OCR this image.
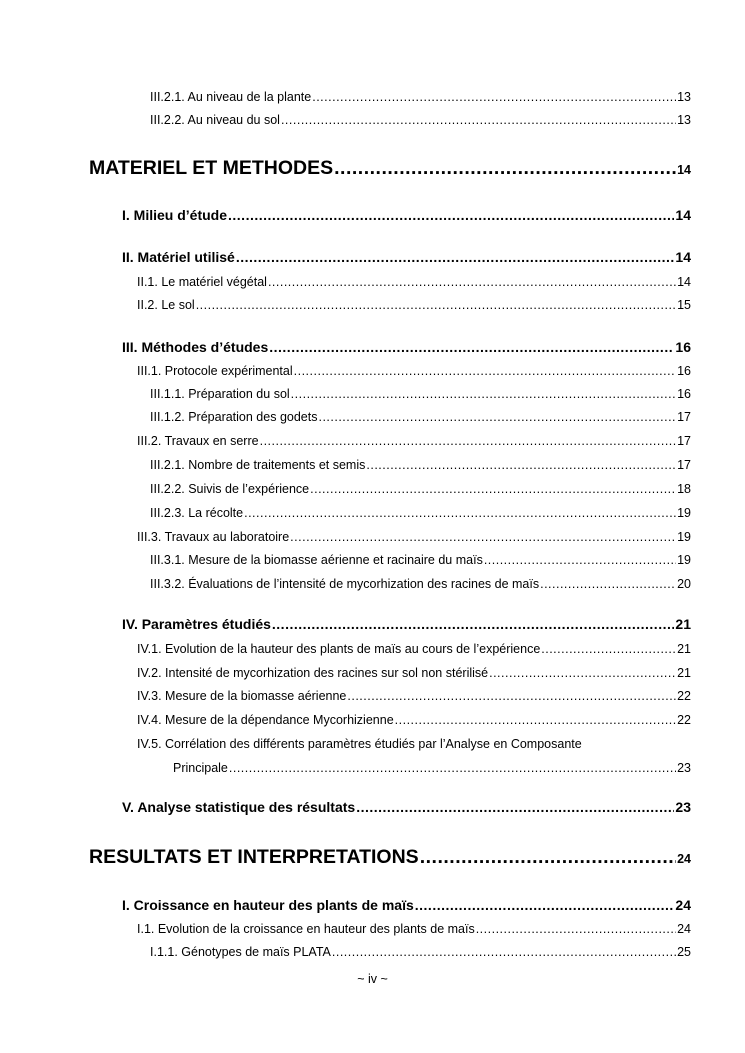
III.2.1. Au niveau de la plante .....	13
III.2.2. Au niveau du sol .....	13
MATERIEL ET METHODES .....	14
I. Milieu d’étude .....	14
II. Matériel utilisé .....	14
II.1. Le matériel végétal .....	14
II.2. Le sol .....	15
III. Méthodes d’études .....	16
III.1. Protocole expérimental .....	16
III.1.1. Préparation du sol .....	16
III.1.2. Préparation des godets .....	17
III.2. Travaux en serre .....	17
III.2.1. Nombre de traitements et semis .....	17
III.2.2. Suivis de l’expérience .....	18
III.2.3. La récolte .....	19
III.3. Travaux au laboratoire .....	19
III.3.1. Mesure de la biomasse aérienne et racinaire du maïs .....	19
III.3.2. Évaluations de l’intensité de mycorhization des racines de maïs .....	20
IV. Paramètres étudiés .....	21
IV.1. Evolution de la hauteur des plants de maïs au cours de l’expérience .....	21
IV.2. Intensité de mycorhization des racines sur sol non stérilisé .....	21
IV.3. Mesure de la biomasse aérienne .....	22
IV.4. Mesure de la dépendance Mycorhizienne .....	22
IV.5. Corrélation des différents paramètres étudiés par l’Analyse en Composante
Principale .....	23
V. Analyse statistique des résultats .....	23
RESULTATS ET INTERPRETATIONS .....	24
I. Croissance en hauteur des plants de maïs .....	24
I.1. Evolution de la croissance en hauteur des plants de maïs .....	24
I.1.1. Génotypes de maïs PLATA .....	25
~ iv ~
